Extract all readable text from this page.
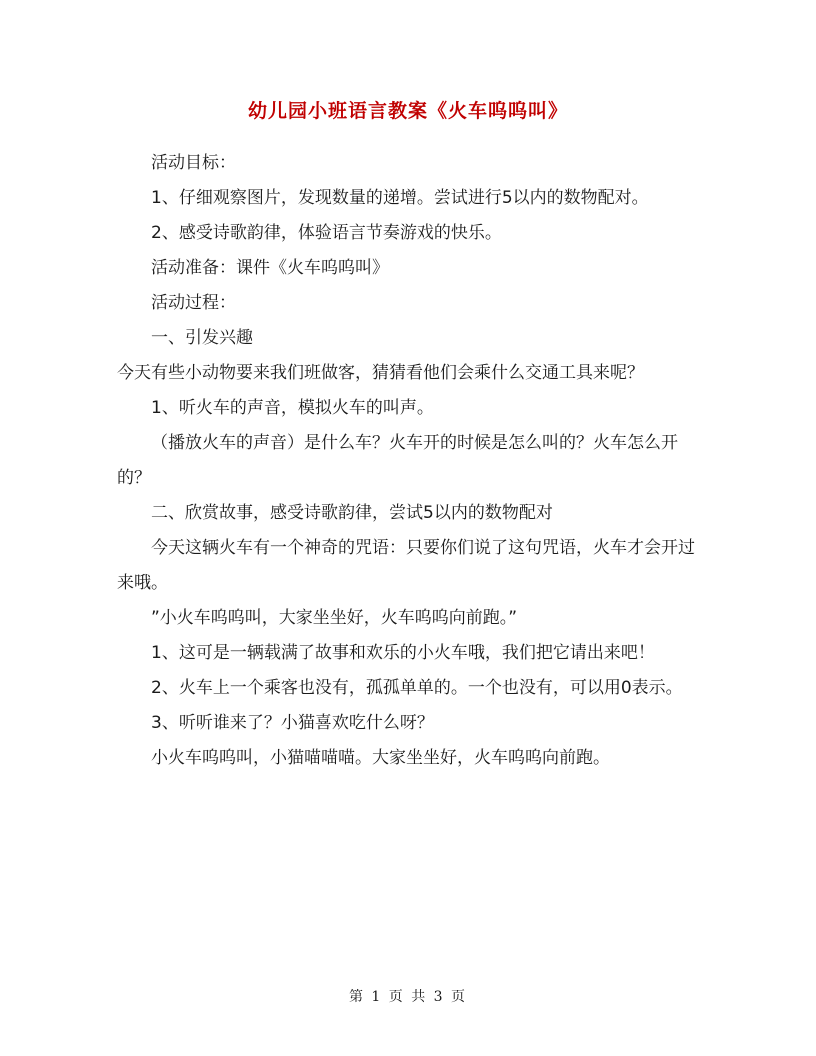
幼儿园小班语言教案《火车呜呜叫》

活动目标：

1、仔细观察图片，发现数量的递增。尝试进行5以内的数物配对。

2、感受诗歌韵律，体验语言节奏游戏的快乐。

活动准备：课件《火车呜呜叫》

活动过程：

一、引发兴趣

今天有些小动物要来我们班做客，猜猜看他们会乘什么交通工具来呢？

1、听火车的声音，模拟火车的叫声。

（播放火车的声音）是什么车？火车开的时候是怎么叫的？火车怎么开的？

二、欣赏故事，感受诗歌韵律，尝试5以内的数物配对

今天这辆火车有一个神奇的咒语：只要你们说了这句咒语，火车才会开过来哦。

”小火车呜呜叫，大家坐坐好，火车呜呜向前跑。”

1、这可是一辆载满了故事和欢乐的小火车哦，我们把它请出来吧！

2、火车上一个乘客也没有，孤孤单单的。一个也没有，可以用0表示。

3、听听谁来了？小猫喜欢吃什么呀？

小火车呜呜叫，小猫喵喵喵。大家坐坐好，火车呜呜向前跑。

第 1 页 共 3 页
